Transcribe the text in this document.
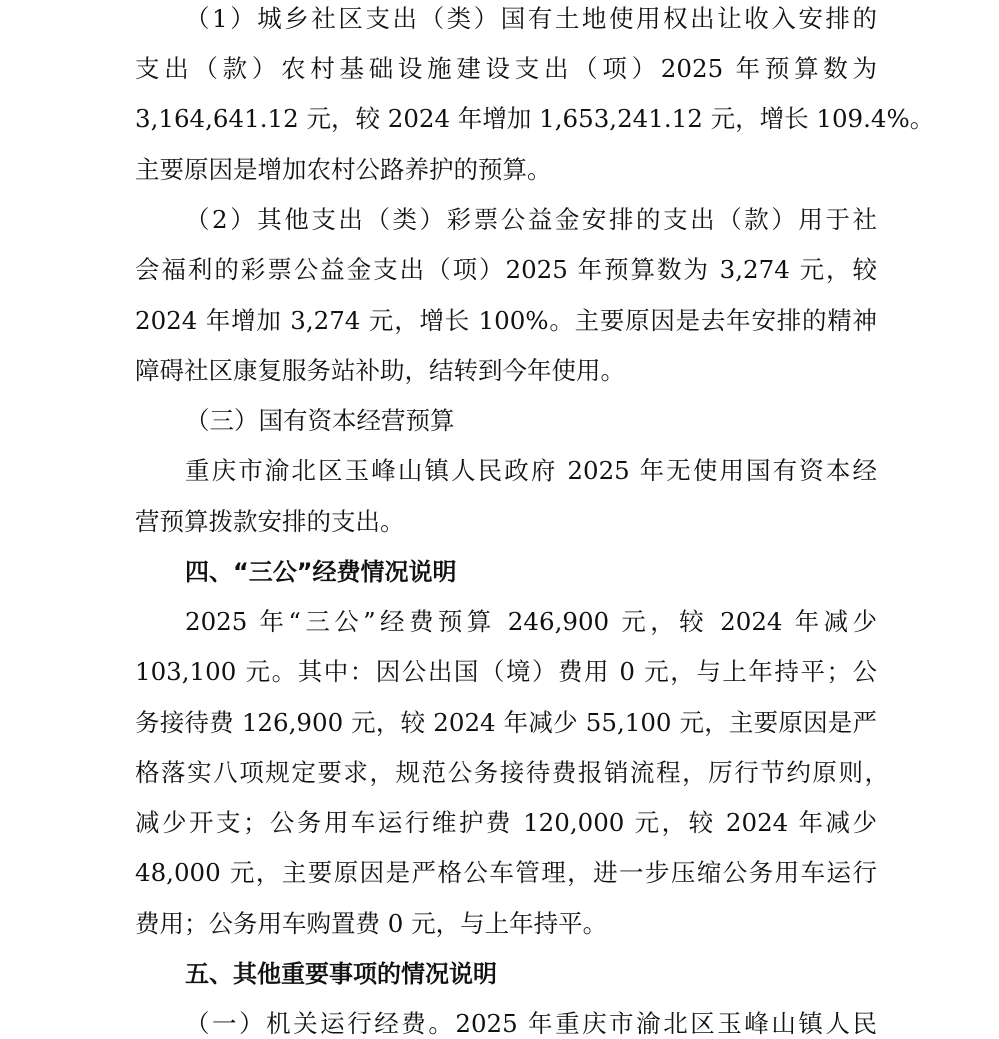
（1）城乡社区支出（类）国有土地使用权出让收入安排的
支出（款）农村基础设施建设支出（项）2025 年预算数为
3,164,641.12 元，较 2024 年增加 1,653,241.12 元，增长 109.4%。
主要原因是增加农村公路养护的预算。
（2）其他支出（类）彩票公益金安排的支出（款）用于社
会福利的彩票公益金支出（项）2025 年预算数为 3,274 元，较
2024 年增加 3,274 元，增长 100%。主要原因是去年安排的精神
障碍社区康复服务站补助，结转到今年使用。
（三）国有资本经营预算
重庆市渝北区玉峰山镇人民政府 2025 年无使用国有资本经
营预算拨款安排的支出。
四、“三公”经费情况说明
2025 年“三公”经费预算 246,900 元，较 2024 年减少
103,100 元。其中：因公出国（境）费用 0 元，与上年持平；公
务接待费 126,900 元，较 2024 年减少 55,100 元，主要原因是严
格落实八项规定要求，规范公务接待费报销流程，厉行节约原则，
减少开支；公务用车运行维护费 120,000 元，较 2024 年减少
48,000 元，主要原因是严格公车管理，进一步压缩公务用车运行
费用；公务用车购置费 0 元，与上年持平。
五、其他重要事项的情况说明
（一）机关运行经费。2025 年重庆市渝北区玉峰山镇人民
